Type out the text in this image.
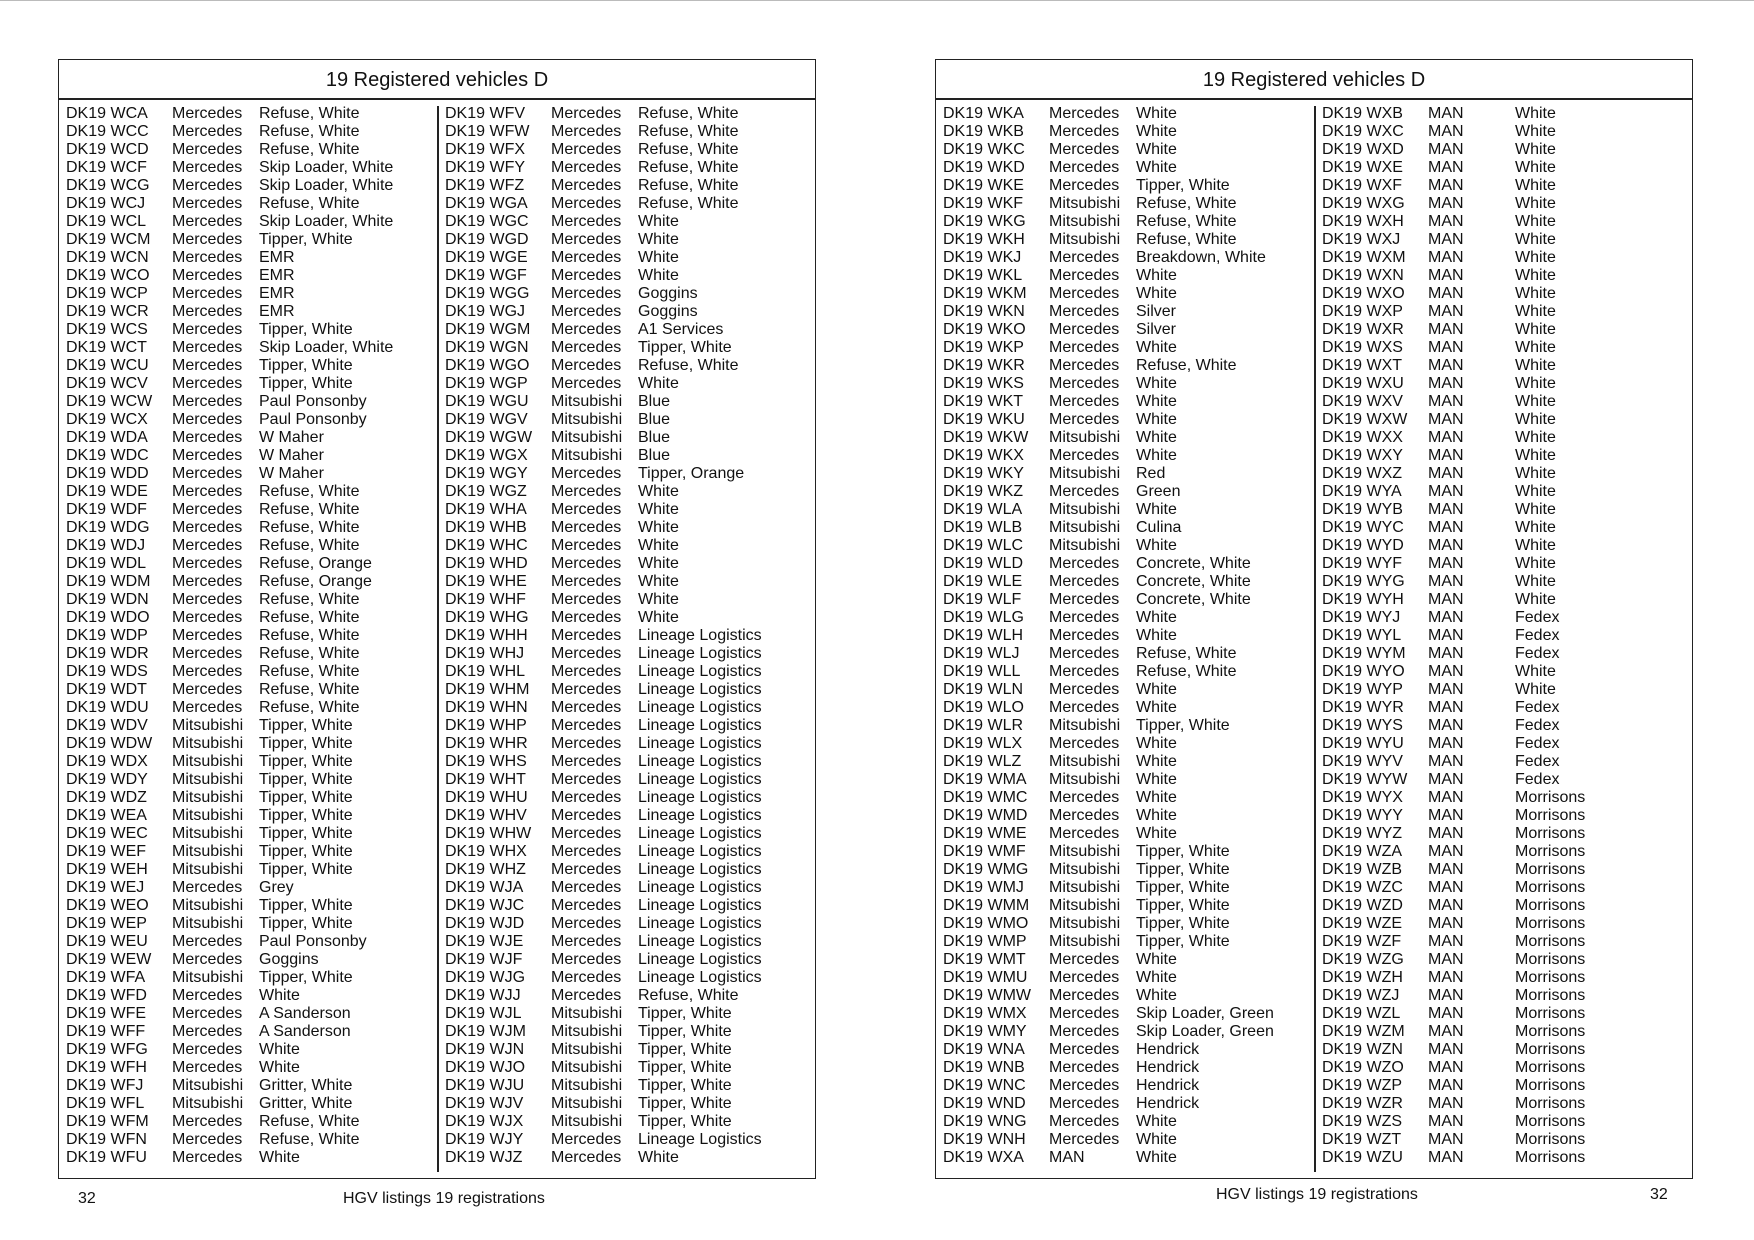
19 Registered vehicles D
DK19 WCA Mercedes Refuse, White
DK19 WCC Mercedes Refuse, White
DK19 WCD Mercedes Refuse, White
DK19 WCF Mercedes Skip Loader, White
DK19 WCG Mercedes Skip Loader, White
DK19 WCJ Mercedes Refuse, White
DK19 WCL Mercedes Skip Loader, White
DK19 WCM Mercedes Tipper, White
DK19 WCN Mercedes EMR
DK19 WCO Mercedes EMR
DK19 WCP Mercedes EMR
DK19 WCR Mercedes EMR
DK19 WCS Mercedes Tipper, White
DK19 WCT Mercedes Skip Loader, White
DK19 WCU Mercedes Tipper, White
DK19 WCV Mercedes Tipper, White
DK19 WCW Mercedes Paul Ponsonby
DK19 WCX Mercedes Paul Ponsonby
DK19 WDA Mercedes W Maher
DK19 WDC Mercedes W Maher
DK19 WDD Mercedes W Maher
DK19 WDE Mercedes Refuse, White
DK19 WDF Mercedes Refuse, White
DK19 WDG Mercedes Refuse, White
DK19 WDJ Mercedes Refuse, White
DK19 WDL Mercedes Refuse, Orange
DK19 WDM Mercedes Refuse, Orange
DK19 WDN Mercedes Refuse, White
DK19 WDO Mercedes Refuse, White
DK19 WDP Mercedes Refuse, White
DK19 WDR Mercedes Refuse, White
DK19 WDS Mercedes Refuse, White
DK19 WDT Mercedes Refuse, White
DK19 WDU Mercedes Refuse, White
DK19 WDV Mitsubishi Tipper, White
DK19 WDW Mitsubishi Tipper, White
DK19 WDX Mitsubishi Tipper, White
DK19 WDY Mitsubishi Tipper, White
DK19 WDZ Mitsubishi Tipper, White
DK19 WEA Mitsubishi Tipper, White
DK19 WEC Mitsubishi Tipper, White
DK19 WEF Mitsubishi Tipper, White
DK19 WEH Mitsubishi Tipper, White
DK19 WEJ Mercedes Grey
DK19 WEO Mitsubishi Tipper, White
DK19 WEP Mitsubishi Tipper, White
DK19 WEU Mercedes Paul Ponsonby
DK19 WEW Mercedes Goggins
DK19 WFA Mitsubishi Tipper, White
DK19 WFD Mercedes White
DK19 WFE Mercedes A Sanderson
DK19 WFF Mercedes A Sanderson
DK19 WFG Mercedes White
DK19 WFH Mercedes White
DK19 WFJ Mitsubishi Gritter, White
DK19 WFL Mitsubishi Gritter, White
DK19 WFM Mercedes Refuse, White
DK19 WFN Mercedes Refuse, White
DK19 WFU Mercedes White
DK19 WFV Mercedes Refuse, White
DK19 WFW Mercedes Refuse, White
DK19 WFX Mercedes Refuse, White
DK19 WFY Mercedes Refuse, White
DK19 WFZ Mercedes Refuse, White
DK19 WGA Mercedes Refuse, White
DK19 WGC Mercedes White
DK19 WGD Mercedes White
DK19 WGE Mercedes White
DK19 WGF Mercedes White
DK19 WGG Mercedes Goggins
DK19 WGJ Mercedes Goggins
DK19 WGM Mercedes A1 Services
DK19 WGN Mercedes Tipper, White
DK19 WGO Mercedes Refuse, White
DK19 WGP Mercedes White
DK19 WGU Mitsubishi Blue
DK19 WGV Mitsubishi Blue
DK19 WGW Mitsubishi Blue
DK19 WGX Mitsubishi Blue
DK19 WGY Mercedes Tipper, Orange
DK19 WGZ Mercedes White
DK19 WHA Mercedes White
DK19 WHB Mercedes White
DK19 WHC Mercedes White
DK19 WHD Mercedes White
DK19 WHE Mercedes White
DK19 WHF Mercedes White
DK19 WHG Mercedes White
DK19 WHH Mercedes Lineage Logistics
DK19 WHJ Mercedes Lineage Logistics
DK19 WHL Mercedes Lineage Logistics
DK19 WHM Mercedes Lineage Logistics
DK19 WHN Mercedes Lineage Logistics
DK19 WHP Mercedes Lineage Logistics
DK19 WHR Mercedes Lineage Logistics
DK19 WHS Mercedes Lineage Logistics
DK19 WHT Mercedes Lineage Logistics
DK19 WHU Mercedes Lineage Logistics
DK19 WHV Mercedes Lineage Logistics
DK19 WHW Mercedes Lineage Logistics
DK19 WHX Mercedes Lineage Logistics
DK19 WHZ Mercedes Lineage Logistics
DK19 WJA Mercedes Lineage Logistics
DK19 WJC Mercedes Lineage Logistics
DK19 WJD Mercedes Lineage Logistics
DK19 WJE Mercedes Lineage Logistics
DK19 WJF Mercedes Lineage Logistics
DK19 WJG Mercedes Lineage Logistics
DK19 WJJ Mercedes Refuse, White
DK19 WJL Mitsubishi Tipper, White
DK19 WJM Mitsubishi Tipper, White
DK19 WJN Mitsubishi Tipper, White
DK19 WJO Mitsubishi Tipper, White
DK19 WJU Mitsubishi Tipper, White
DK19 WJV Mitsubishi Tipper, White
DK19 WJX Mitsubishi Tipper, White
DK19 WJY Mercedes Lineage Logistics
DK19 WJZ Mercedes White
19 Registered vehicles D
DK19 WKA Mercedes White
DK19 WKB Mercedes White
DK19 WKC Mercedes White
DK19 WKD Mercedes White
DK19 WKE Mercedes Tipper, White
DK19 WKF Mitsubishi Refuse, White
DK19 WKG Mitsubishi Refuse, White
DK19 WKH Mitsubishi Refuse, White
DK19 WKJ Mercedes Breakdown, White
DK19 WKL Mercedes White
DK19 WKM Mercedes White
DK19 WKN Mercedes Silver
DK19 WKO Mercedes Silver
DK19 WKP Mercedes White
DK19 WKR Mercedes Refuse, White
DK19 WKS Mercedes White
DK19 WKT Mercedes White
DK19 WKU Mercedes White
DK19 WKW Mitsubishi White
DK19 WKX Mercedes White
DK19 WKY Mitsubishi Red
DK19 WKZ Mercedes Green
DK19 WLA Mitsubishi White
DK19 WLB Mitsubishi Culina
DK19 WLC Mitsubishi White
DK19 WLD Mercedes Concrete, White
DK19 WLE Mercedes Concrete, White
DK19 WLF Mercedes Concrete, White
DK19 WLG Mercedes White
DK19 WLH Mercedes White
DK19 WLJ Mercedes Refuse, White
DK19 WLL Mercedes Refuse, White
DK19 WLN Mercedes White
DK19 WLO Mercedes White
DK19 WLR Mitsubishi Tipper, White
DK19 WLX Mercedes White
DK19 WLZ Mitsubishi White
DK19 WMA Mitsubishi White
DK19 WMC Mercedes White
DK19 WMD Mercedes White
DK19 WME Mercedes White
DK19 WMF Mitsubishi Tipper, White
DK19 WMG Mitsubishi Tipper, White
DK19 WMJ Mitsubishi Tipper, White
DK19 WMM Mitsubishi Tipper, White
DK19 WMO Mitsubishi Tipper, White
DK19 WMP Mitsubishi Tipper, White
DK19 WMT Mercedes White
DK19 WMU Mercedes White
DK19 WMW Mercedes White
DK19 WMX Mercedes Skip Loader, Green
DK19 WMY Mercedes Skip Loader, Green
DK19 WNA Mercedes Hendrick
DK19 WNB Mercedes Hendrick
DK19 WNC Mercedes Hendrick
DK19 WND Mercedes Hendrick
DK19 WNG Mercedes White
DK19 WNH Mercedes White
DK19 WXA MAN	White
DK19 WXB MAN	White
DK19 WXC MAN	White
DK19 WXD MAN	White
DK19 WXE MAN	White
DK19 WXF MAN	White
DK19 WXG MAN	White
DK19 WXH MAN	White
DK19 WXJ MAN	White
DK19 WXM MAN	White
DK19 WXN MAN	White
DK19 WXO MAN	White
DK19 WXP MAN	White
DK19 WXR MAN	White
DK19 WXS MAN	White
DK19 WXT MAN	White
DK19 WXU MAN	White
DK19 WXV MAN	White
DK19 WXW MAN	White
DK19 WXX MAN	White
DK19 WXY MAN	White
DK19 WXZ MAN	White
DK19 WYA MAN	White
DK19 WYB MAN	White
DK19 WYC MAN	White
DK19 WYD MAN	White
DK19 WYF MAN	White
DK19 WYG MAN	White
DK19 WYH MAN	White
DK19 WYJ MAN	Fedex
DK19 WYL MAN	Fedex
DK19 WYM MAN	Fedex
DK19 WYO MAN	White
DK19 WYP MAN	White
DK19 WYR MAN	Fedex
DK19 WYS MAN	Fedex
DK19 WYU MAN	Fedex
DK19 WYV MAN	Fedex
DK19 WYW MAN	Fedex
DK19 WYX MAN	Morrisons
DK19 WYY MAN	Morrisons
DK19 WYZ MAN	Morrisons
DK19 WZA MAN	Morrisons
DK19 WZB MAN	Morrisons
DK19 WZC MAN	Morrisons
DK19 WZD MAN	Morrisons
DK19 WZE MAN	Morrisons
DK19 WZF MAN	Morrisons
DK19 WZG MAN	Morrisons
DK19 WZH MAN	Morrisons
DK19 WZJ MAN	Morrisons
DK19 WZL MAN	Morrisons
DK19 WZM MAN	Morrisons
DK19 WZN MAN	Morrisons
DK19 WZO MAN	Morrisons
DK19 WZP MAN	Morrisons
DK19 WZR MAN	Morrisons
DK19 WZS MAN	Morrisons
DK19 WZT MAN	Morrisons
DK19 WZU MAN	Morrisons
32	HGV listings 19 registrations	HGV listings 19 registrations	32
